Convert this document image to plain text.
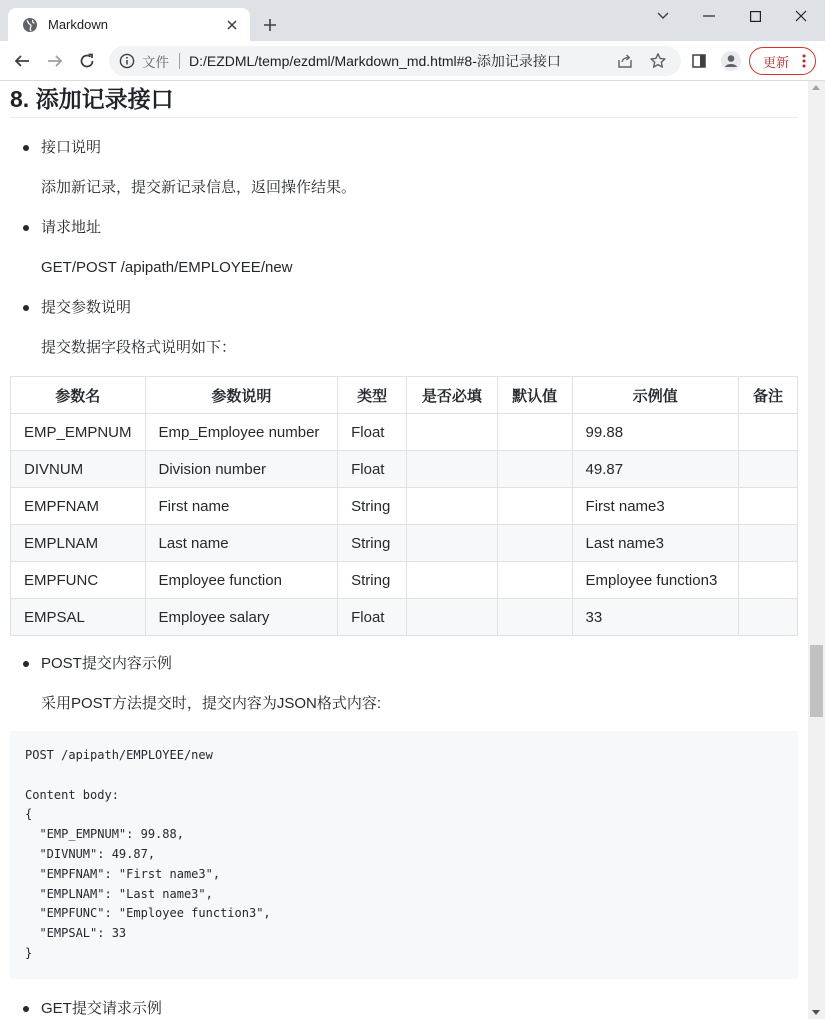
Markdown
文件 D:/EZDML/temp/ezdml/Markdown_md.html#8-添加记录接口	更新
8. 添加记录接口
接口说明
添加新记录，提交新记录信息，返回操作结果。
请求地址
GET/POST /apipath/EMPLOYEE/new
提交参数说明
提交数据字段格式说明如下：
参数名	参数说明	类型	是否必填	默认值	示例值	备注
EMP_EMPNUM	Emp_Employee number	Float			99.88	
DIVNUM	Division number	Float			49.87	
EMPFNAM	First name	String			First name3	
EMPLNAM	Last name	String			Last name3	
EMPFUNC	Employee function	String			Employee function3	
EMPSAL	Employee salary	Float			33	
POST提交内容示例
采用POST方法提交时，提交内容为JSON格式内容:
POST /apipath/EMPLOYEE/new
Content body:
{
"EMP_EMPNUM": 99.88,
"DIVNUM": 49.87,
"EMPFNAM": "First name3",
"EMPLNAM": "Last name3",
"EMPFUNC": "Employee function3",
"EMPSAL": 33
}
GET提交请求示例
